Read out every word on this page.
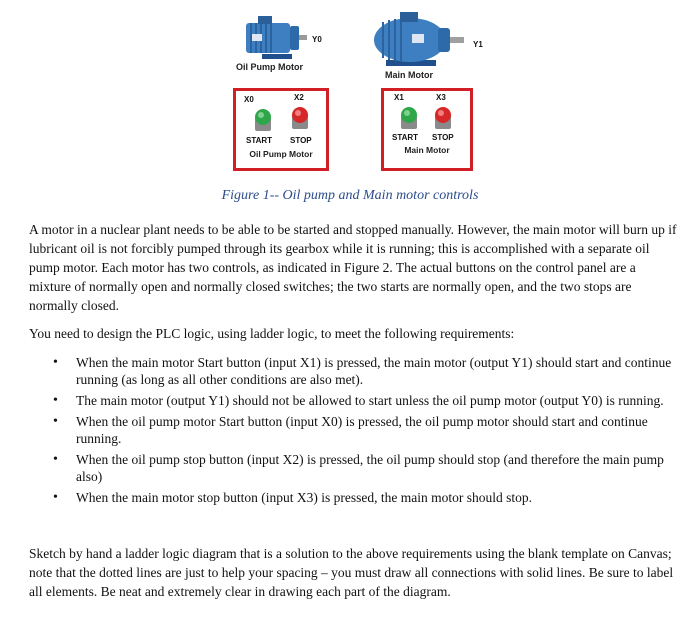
Y0
Oil Pump Motor
Y1
Main Motor
X0	X2
START STOP
Oil Pump Motor
X1	X3
START STOP
Main Motor
Figure 1-- Oil pump and Main motor controls

A motor in a nuclear plant needs to be able to be started and stopped manually. However, the main motor will burn up if lubricant oil is not forcibly pumped through its gearbox while it is running; this is accomplished with a separate oil pump motor. Each motor has two controls, as indicated in Figure 2. The actual buttons on the control panel are a mixture of normally open and normally closed switches; the two starts are normally open, and the two stops are normally closed.

You need to design the PLC logic, using ladder logic, to meet the following requirements:

• When the main motor Start button (input X1) is pressed, the main motor (output Y1) should start and continue running (as long as all other conditions are also met).
• The main motor (output Y1) should not be allowed to start unless the oil pump motor (output Y0) is running.
• When the oil pump motor Start button (input X0) is pressed, the oil pump motor should start and continue running.
• When the oil pump stop button (input X2) is pressed, the oil pump should stop (and therefore the main pump also)
• When the main motor stop button (input X3) is pressed, the main motor should stop.

Sketch by hand a ladder logic diagram that is a solution to the above requirements using the blank template on Canvas; note that the dotted lines are just to help your spacing – you must draw all connections with solid lines. Be sure to label all elements. Be neat and extremely clear in drawing each part of the diagram.
